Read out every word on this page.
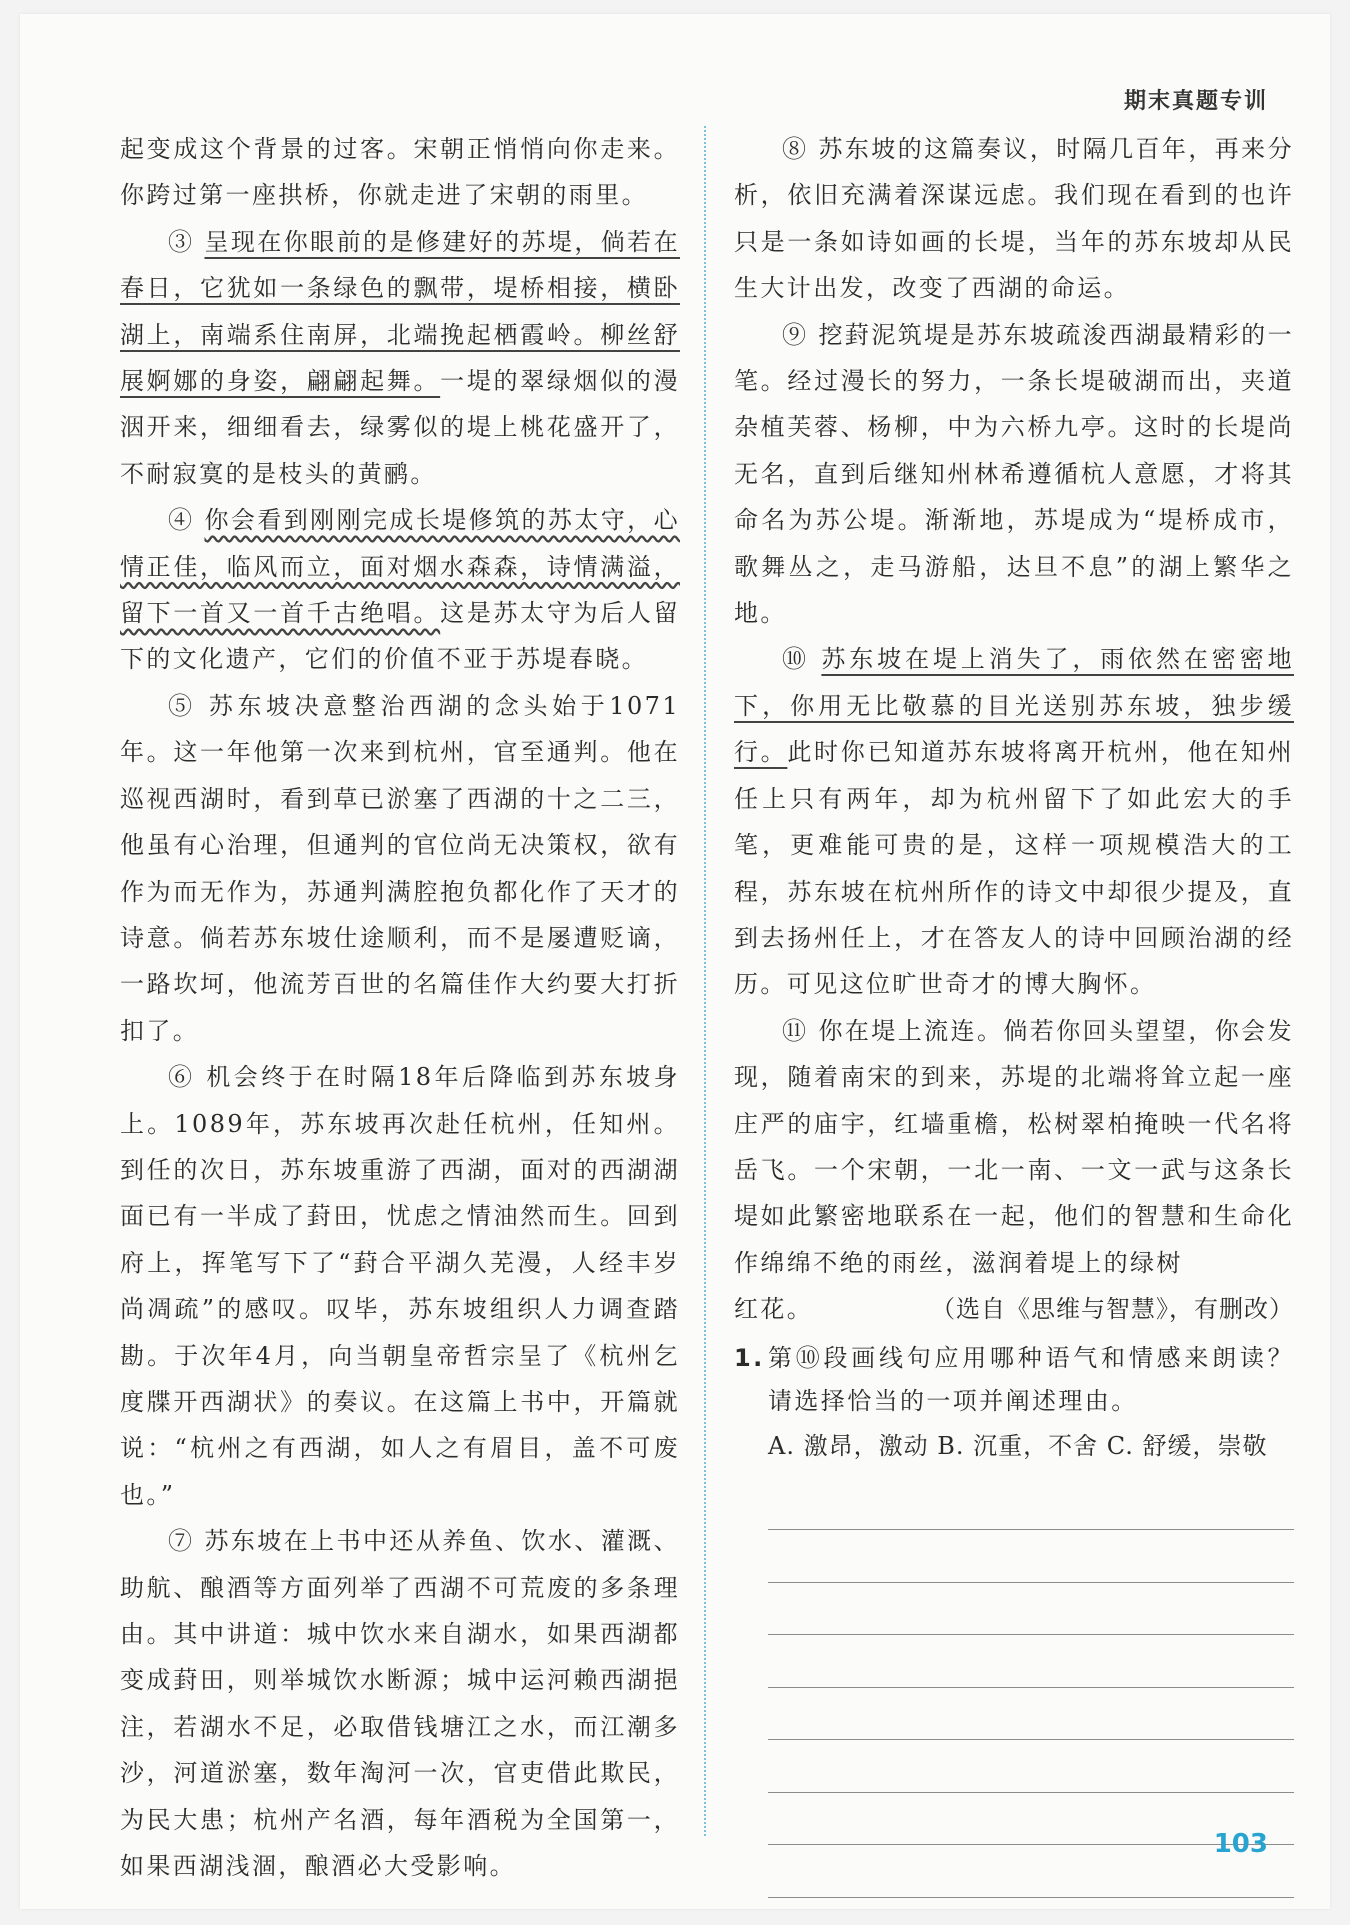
期末真题专训

起变成这个背景的过客。宋朝正悄悄向你走来。你跨过第一座拱桥，你就走进了宋朝的雨里。

③ 呈现在你眼前的是修建好的苏堤，倘若在春日，它犹如一条绿色的飘带，堤桥相接，横卧湖上，南端系住南屏，北端挽起栖霞岭。柳丝舒展婀娜的身姿，翩翩起舞。一堤的翠绿烟似的漫洇开来，细细看去，绿雾似的堤上桃花盛开了，不耐寂寞的是枝头的黄鹂。

④ 你会看到刚刚完成长堤修筑的苏太守，心情正佳，临风而立，面对烟水森森，诗情满溢，留下一首又一首千古绝唱。这是苏太守为后人留下的文化遗产，它们的价值不亚于苏堤春晓。

⑤ 苏东坡决意整治西湖的念头始于1071年。这一年他第一次来到杭州，官至通判。他在巡视西湖时，看到草已淤塞了西湖的十之二三，他虽有心治理，但通判的官位尚无决策权，欲有作为而无作为，苏通判满腔抱负都化作了天才的诗意。倘若苏东坡仕途顺利，而不是屡遭贬谪，一路坎坷，他流芳百世的名篇佳作大约要大打折扣了。

⑥ 机会终于在时隔18年后降临到苏东坡身上。1089年，苏东坡再次赴任杭州，任知州。到任的次日，苏东坡重游了西湖，面对的西湖湖面已有一半成了葑田，忧虑之情油然而生。回到府上，挥笔写下了“葑合平湖久芜漫，人经丰岁尚凋疏”的感叹。叹毕，苏东坡组织人力调查踏勘。于次年4月，向当朝皇帝哲宗呈了《杭州乞度牒开西湖状》的奏议。在这篇上书中，开篇就说：“杭州之有西湖，如人之有眉目，盖不可废也。”

⑦ 苏东坡在上书中还从养鱼、饮水、灌溉、助航、酿酒等方面列举了西湖不可荒废的多条理由。其中讲道：城中饮水来自湖水，如果西湖都变成葑田，则举城饮水断源；城中运河赖西湖挹注，若湖水不足，必取借钱塘江之水，而江潮多沙，河道淤塞，数年淘河一次，官吏借此欺民，为民大患；杭州产名酒，每年酒税为全国第一，如果西湖浅涸，酿酒必大受影响。

⑧ 苏东坡的这篇奏议，时隔几百年，再来分析，依旧充满着深谋远虑。我们现在看到的也许只是一条如诗如画的长堤，当年的苏东坡却从民生大计出发，改变了西湖的命运。

⑨ 挖葑泥筑堤是苏东坡疏浚西湖最精彩的一笔。经过漫长的努力，一条长堤破湖而出，夹道杂植芙蓉、杨柳，中为六桥九亭。这时的长堤尚无名，直到后继知州林希遵循杭人意愿，才将其命名为苏公堤。渐渐地，苏堤成为“堤桥成市，歌舞丛之，走马游船，达旦不息”的湖上繁华之地。

⑩ 苏东坡在堤上消失了，雨依然在密密地下，你用无比敬慕的目光送别苏东坡，独步缓行。此时你已知道苏东坡将离开杭州，他在知州任上只有两年，却为杭州留下了如此宏大的手笔，更难能可贵的是，这样一项规模浩大的工程，苏东坡在杭州所作的诗文中却很少提及，直到去扬州任上，才在答友人的诗中回顾治湖的经历。可见这位旷世奇才的博大胸怀。

⑪ 你在堤上流连。倘若你回头望望，你会发现，随着南宋的到来，苏堤的北端将耸立起一座庄严的庙宇，红墙重檐，松树翠柏掩映一代名将岳飞。一个宋朝，一北一南、一文一武与这条长堤如此繁密地联系在一起，他们的智慧和生命化作绵绵不绝的雨丝，滋润着堤上的绿树

红花。	（选自《思维与智慧》，有删改）
1. 第⑩段画线句应用哪种语气和情感来朗读？请选择恰当的一项并阐述理由。
A. 激昂，激动 B. 沉重，不舍 C. 舒缓，崇敬
103
